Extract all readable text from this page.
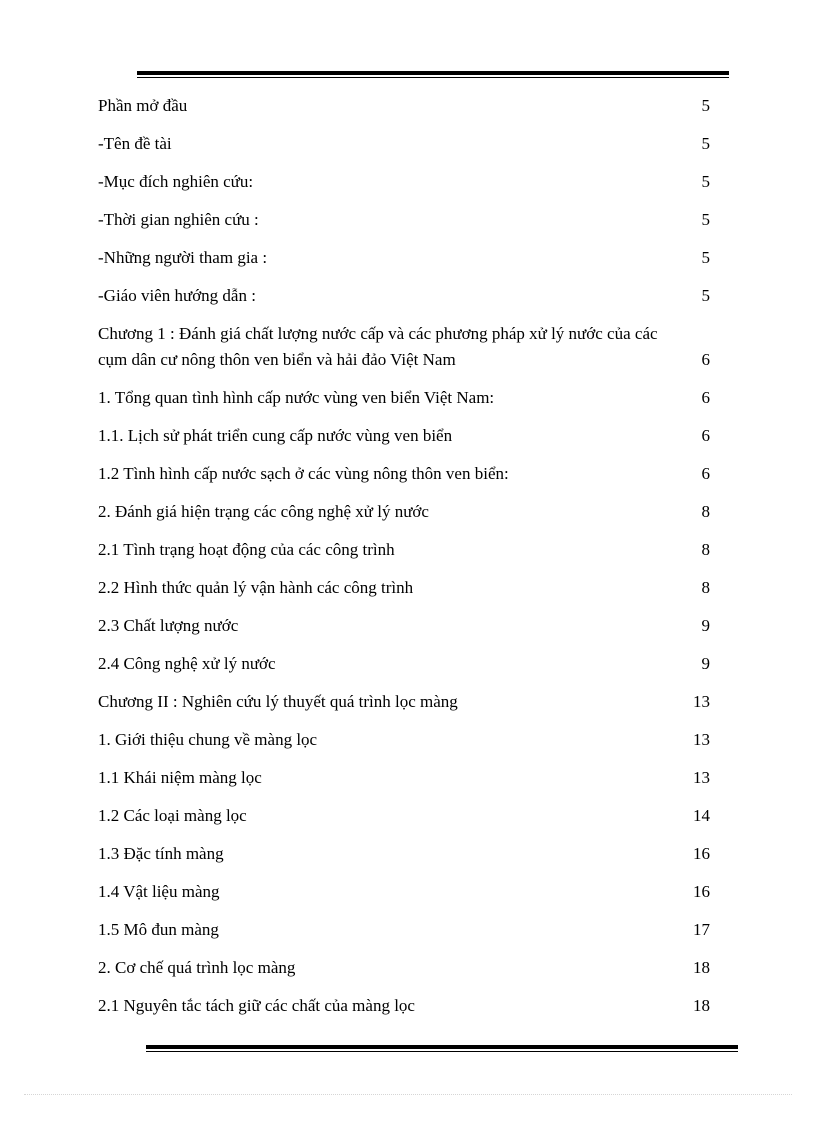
Phần mở đầu	5
-Tên đề tài	5
-Mục đích nghiên cứu:	5
-Thời gian nghiên cứu :	5
-Những người tham gia :	5
-Giáo viên hướng dẫn :	5
Chương 1 : Đánh giá chất lượng nước cấp và các phương pháp xử lý nước của các cụm dân cư nông thôn ven biển và hải đảo Việt Nam	6
1. Tổng quan tình hình cấp nước vùng ven biển Việt Nam:	6
1.1. Lịch sử phát triển cung cấp nước vùng ven biển	6
1.2 Tình hình cấp nước sạch ở các vùng nông thôn ven biển:	6
2. Đánh giá hiện trạng các công nghệ xử lý nước	8
2.1 Tình trạng hoạt động của các công trình	8
2.2 Hình thức quản lý vận hành các công trình	8
2.3 Chất lượng nước	9
2.4 Công nghệ xử lý nước	9
Chương II : Nghiên cứu lý thuyết quá trình lọc màng	13
1. Giới thiệu chung về màng lọc	13
1.1 Khái niệm màng lọc	13
1.2 Các loại màng lọc	14
1.3 Đặc tính màng	16
1.4 Vật liệu màng	16
1.5 Mô đun màng	17
2. Cơ chế quá trình lọc màng	18
2.1 Nguyên tắc tách giữ các chất của màng lọc	18
